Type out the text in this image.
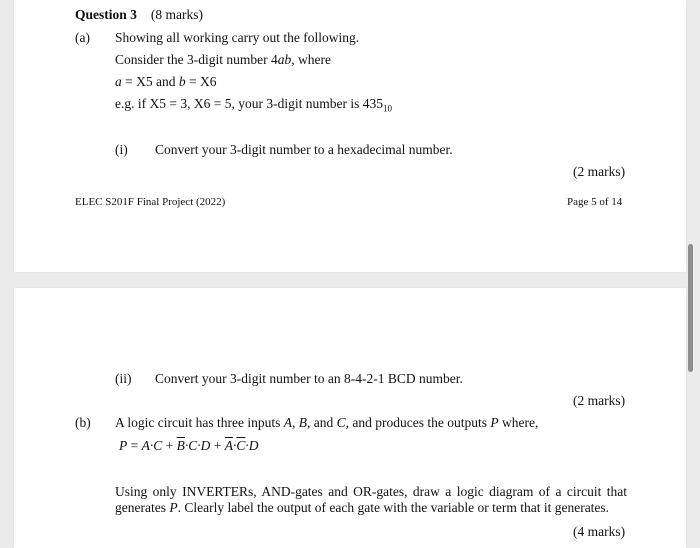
Question 3 (8 marks)
(a) Showing all working carry out the following.
Consider the 3-digit number 4ab, where
a = X5 and b = X6
e.g. if X5 = 3, X6 = 5, your 3-digit number is $435_{10}$
(i) Convert your 3-digit number to a hexadecimal number.
(2 marks)
ELEC S201F Final Project (2022)	Page 5 of 14
(ii) Convert your 3-digit number to an 8-4-2-1 BCD number.
(2 marks)
(b) A logic circuit has three inputs A, B, and C, and produces the outputs P where,
$P = A\cdot C + \overline{B}\cdot C\cdot D + \overline{A}\cdot\overline{C}\cdot D$
Using only INVERTERs, AND-gates and OR-gates, draw a logic diagram of a circuit that generates P. Clearly label the output of each gate with the variable or term that it generates.
(4 marks)
